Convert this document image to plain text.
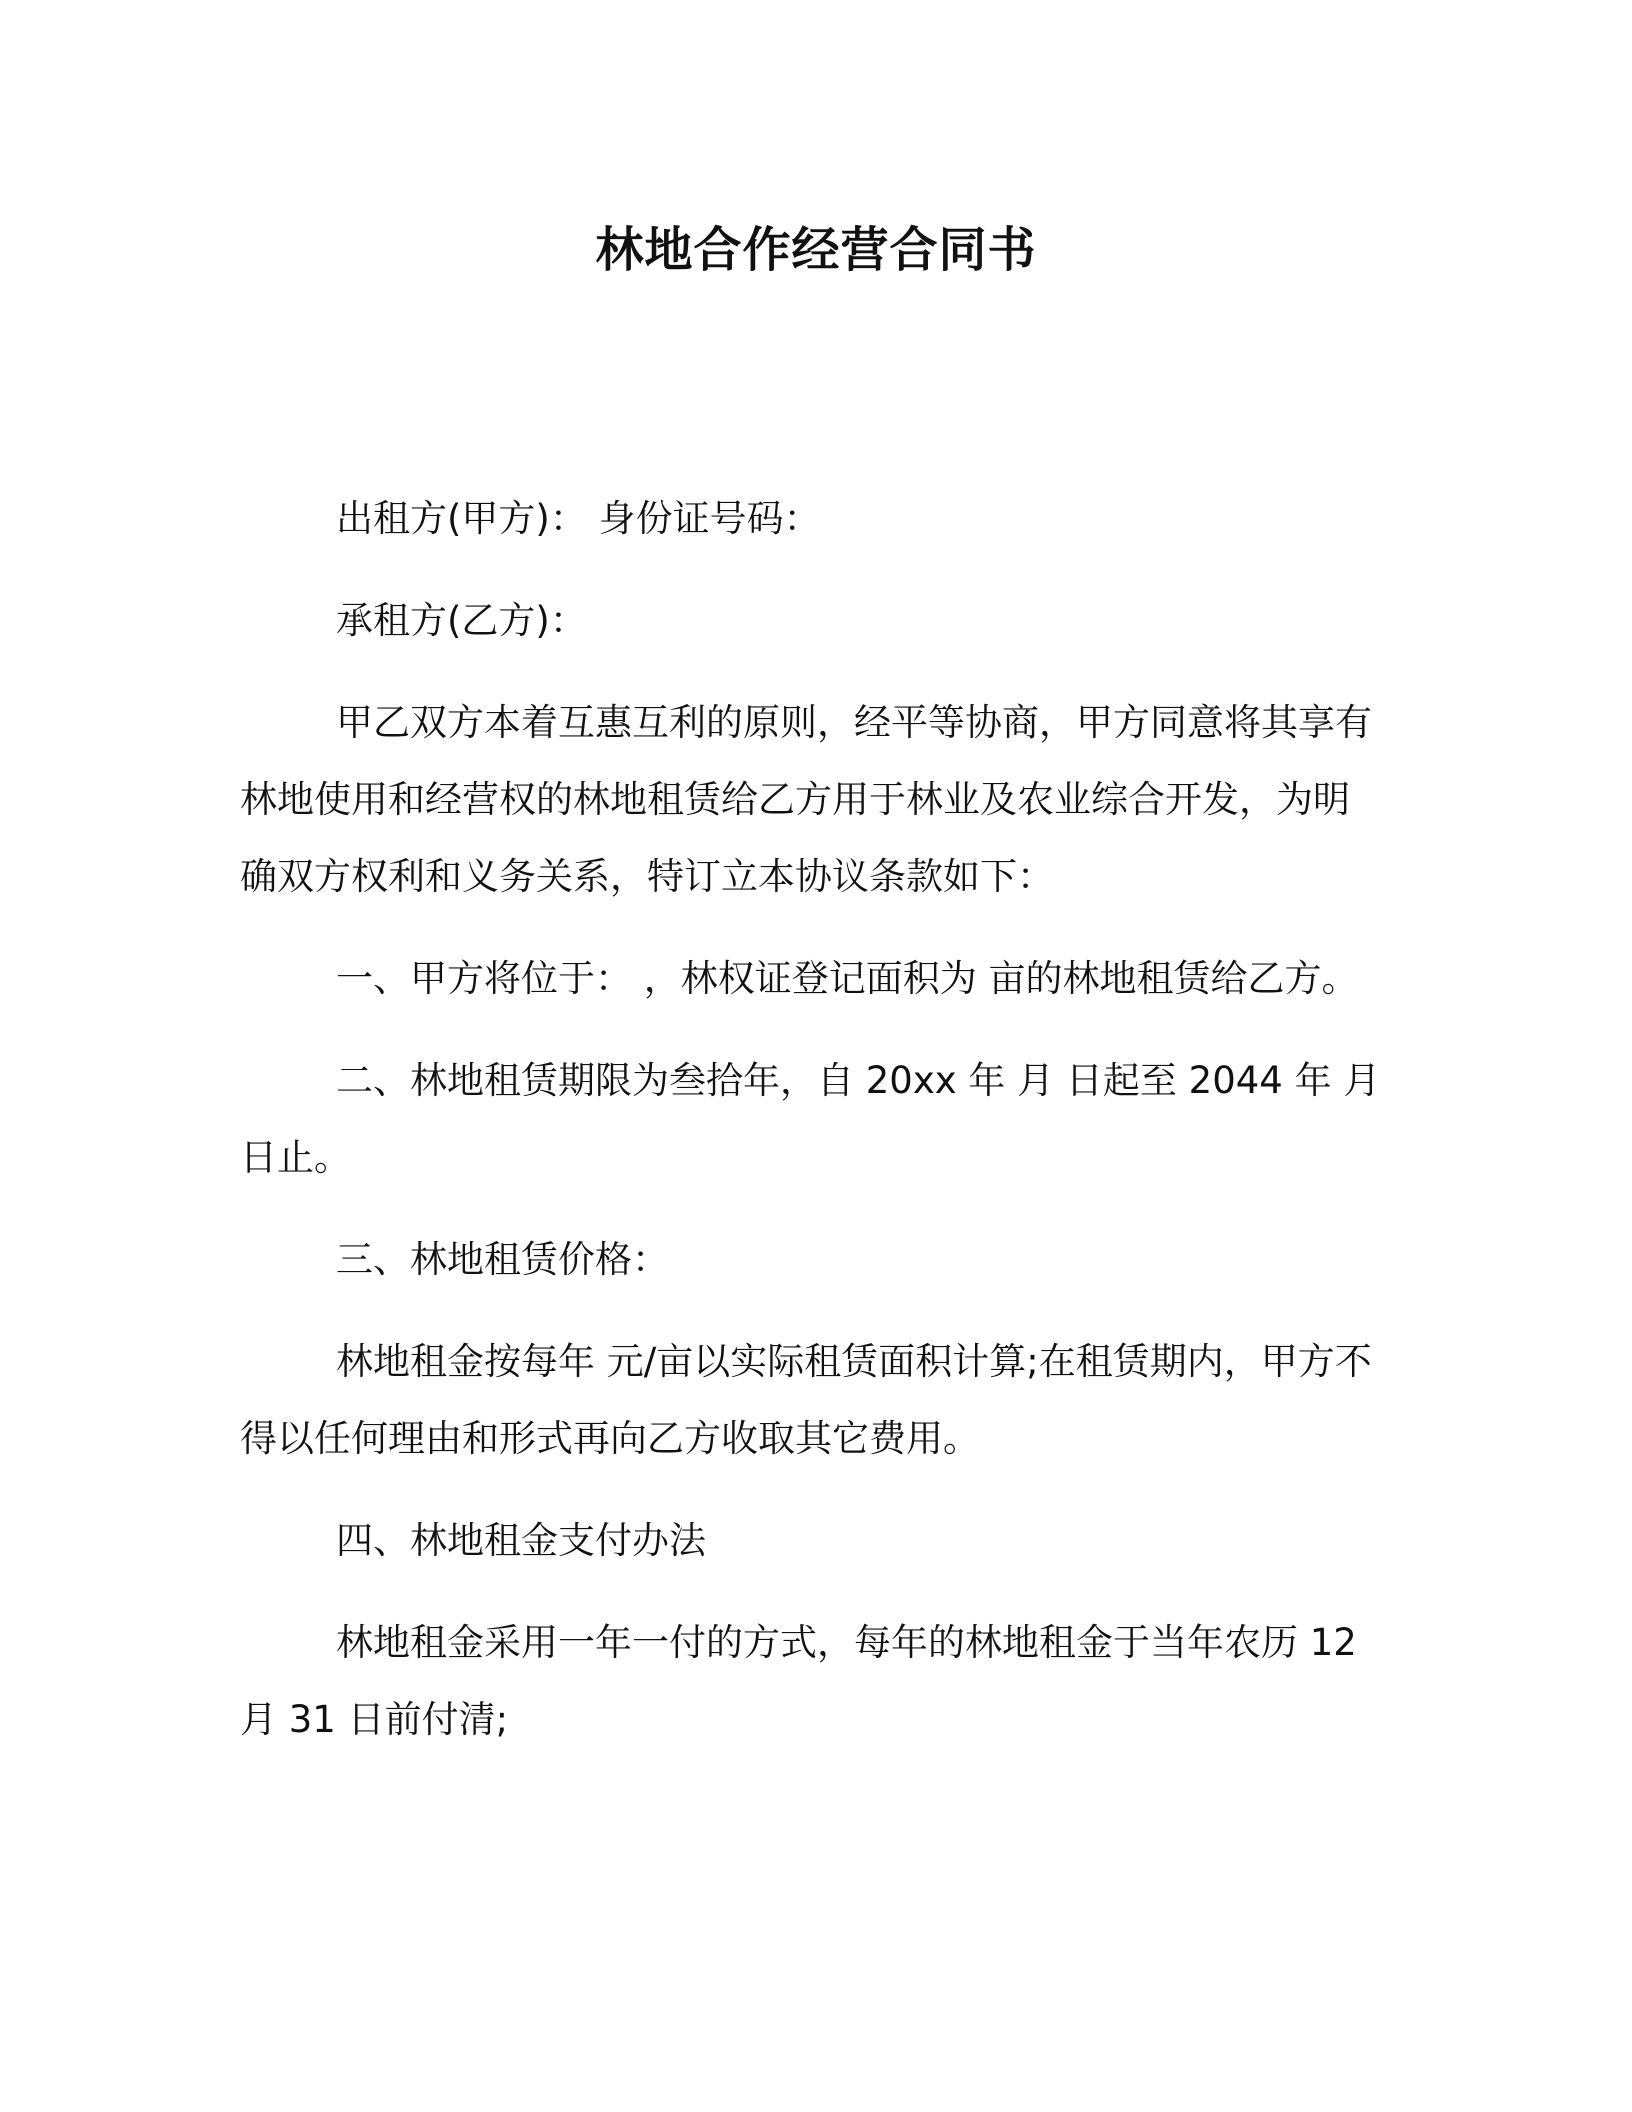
林地合作经营合同书

出租方(甲方)： 身份证号码：

承租方(乙方)：

甲乙双方本着互惠互利的原则，经平等协商，甲方同意将其享有林地使用和经营权的林地租赁给乙方用于林业及农业综合开发，为明确双方权利和义务关系，特订立本协议条款如下：

一、甲方将位于： ，林权证登记面积为 亩的林地租赁给乙方。

二、林地租赁期限为叁拾年，自 20xx 年 月 日起至 2044 年 月 日止。

三、林地租赁价格：

林地租金按每年 元/亩以实际租赁面积计算;在租赁期内，甲方不得以任何理由和形式再向乙方收取其它费用。

四、林地租金支付办法

林地租金采用一年一付的方式，每年的林地租金于当年农历 12 月 31 日前付清;
